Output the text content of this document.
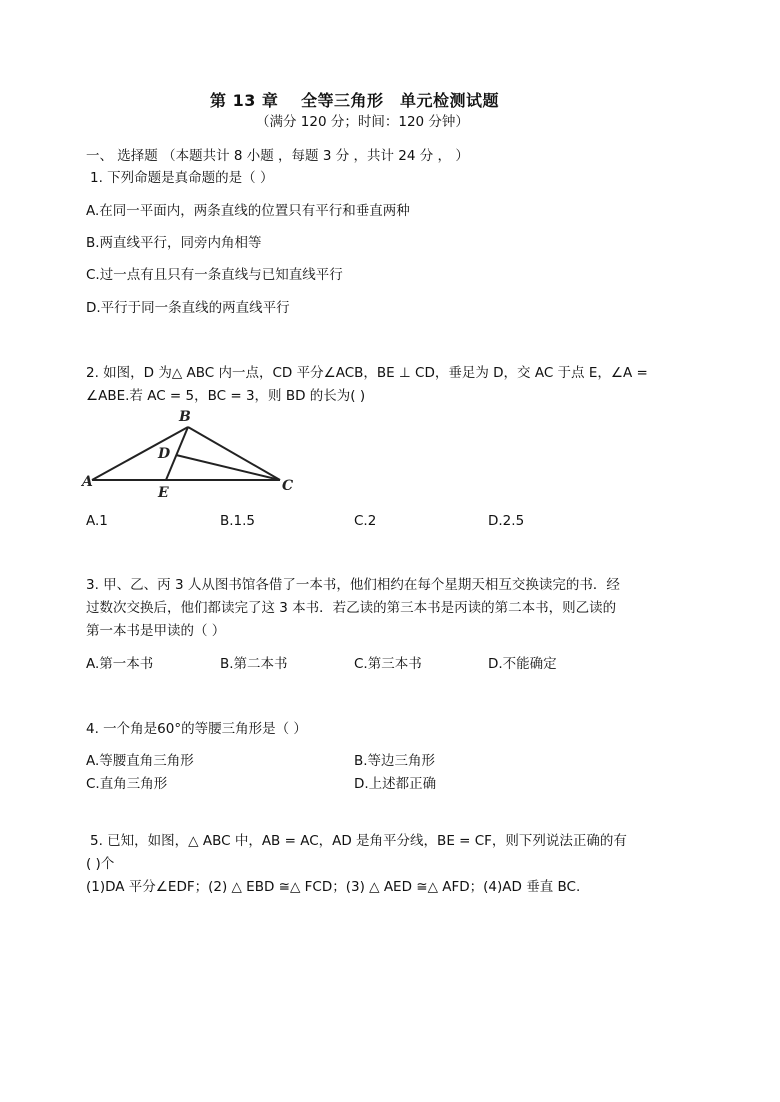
第 13 章　 全等三角形　单元检测试题
（满分 120 分；时间：120 分钟）
一、 选择题 （本题共计 8 小题 ，每题 3 分 ，共计 24 分 ， ）
1. 下列命题是真命题的是（ ）
A.在同一平面内，两条直线的位置只有平行和垂直两种
B.两直线平行，同旁内角相等
C.过一点有且只有一条直线与已知直线平行
D.平行于同一条直线的两直线平行
2. 如图，D 为△ ABC 内一点，CD 平分∠ACB，BE ⊥ CD，垂足为 D，交 AC 于点 E，∠A =
∠ABE.若 AC = 5，BC = 3，则 BD 的长为( )
A
B
C
D
E
A.1	B.1.5	C.2	D.2.5
3. 甲、乙、丙 3 人从图书馆各借了一本书，他们相约在每个星期天相互交换读完的书．经
过数次交换后，他们都读完了这 3 本书．若乙读的第三本书是丙读的第二本书，则乙读的
第一本书是甲读的（ ）
A.第一本书	B.第二本书	C.第三本书	D.不能确定
4. 一个角是60°的等腰三角形是（ ）
A.等腰直角三角形	B.等边三角形
C.直角三角形	D.上述都正确
5. 已知，如图，△ ABC 中，AB = AC，AD 是角平分线，BE = CF，则下列说法正确的有
( )个
(1)DA 平分∠EDF；(2) △ EBD ≅△ FCD；(3) △ AED ≅△ AFD；(4)AD 垂直 BC.
